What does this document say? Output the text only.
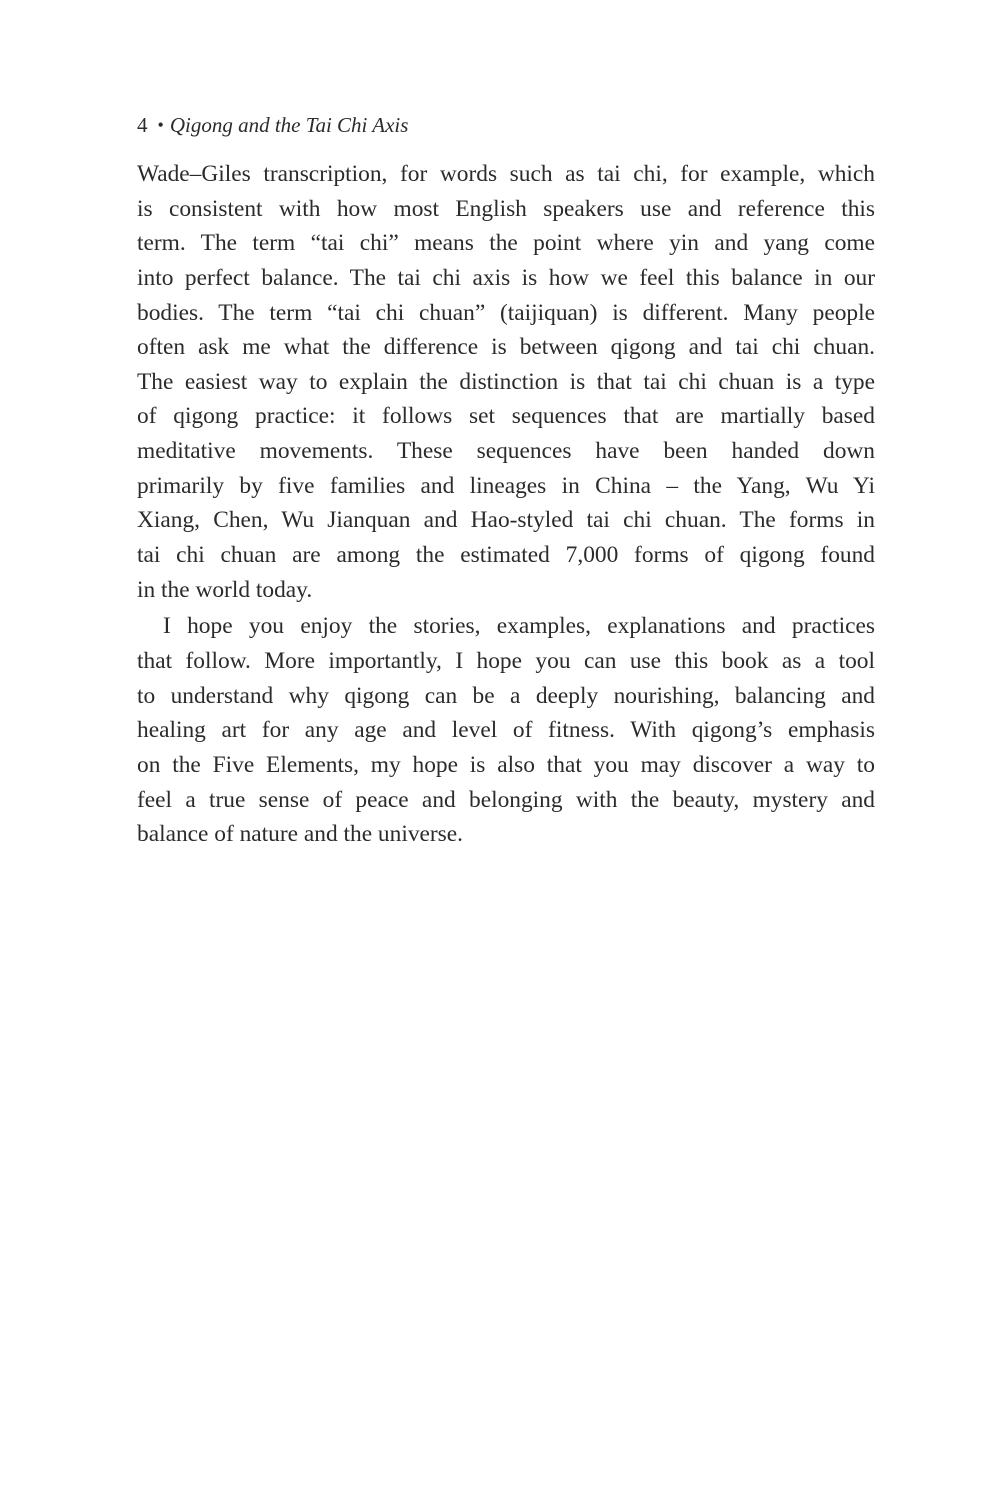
4 • Qigong and the Tai Chi Axis
Wade–Giles transcription, for words such as tai chi, for example, which
is consistent with how most English speakers use and reference this
term. The term “tai chi” means the point where yin and yang come
into perfect balance. The tai chi axis is how we feel this balance in our
bodies. The term “tai chi chuan” (taijiquan) is different. Many people
often ask me what the difference is between qigong and tai chi chuan.
The easiest way to explain the distinction is that tai chi chuan is a type
of qigong practice: it follows set sequences that are martially based
meditative movements. These sequences have been handed down
primarily by five families and lineages in China – the Yang, Wu Yi
Xiang, Chen, Wu Jianquan and Hao-styled tai chi chuan. The forms in
tai chi chuan are among the estimated 7,000 forms of qigong found
in the world today.
I hope you enjoy the stories, examples, explanations and practices
that follow. More importantly, I hope you can use this book as a tool
to understand why qigong can be a deeply nourishing, balancing and
healing art for any age and level of fitness. With qigong’s emphasis
on the Five Elements, my hope is also that you may discover a way to
feel a true sense of peace and belonging with the beauty, mystery and
balance of nature and the universe.
